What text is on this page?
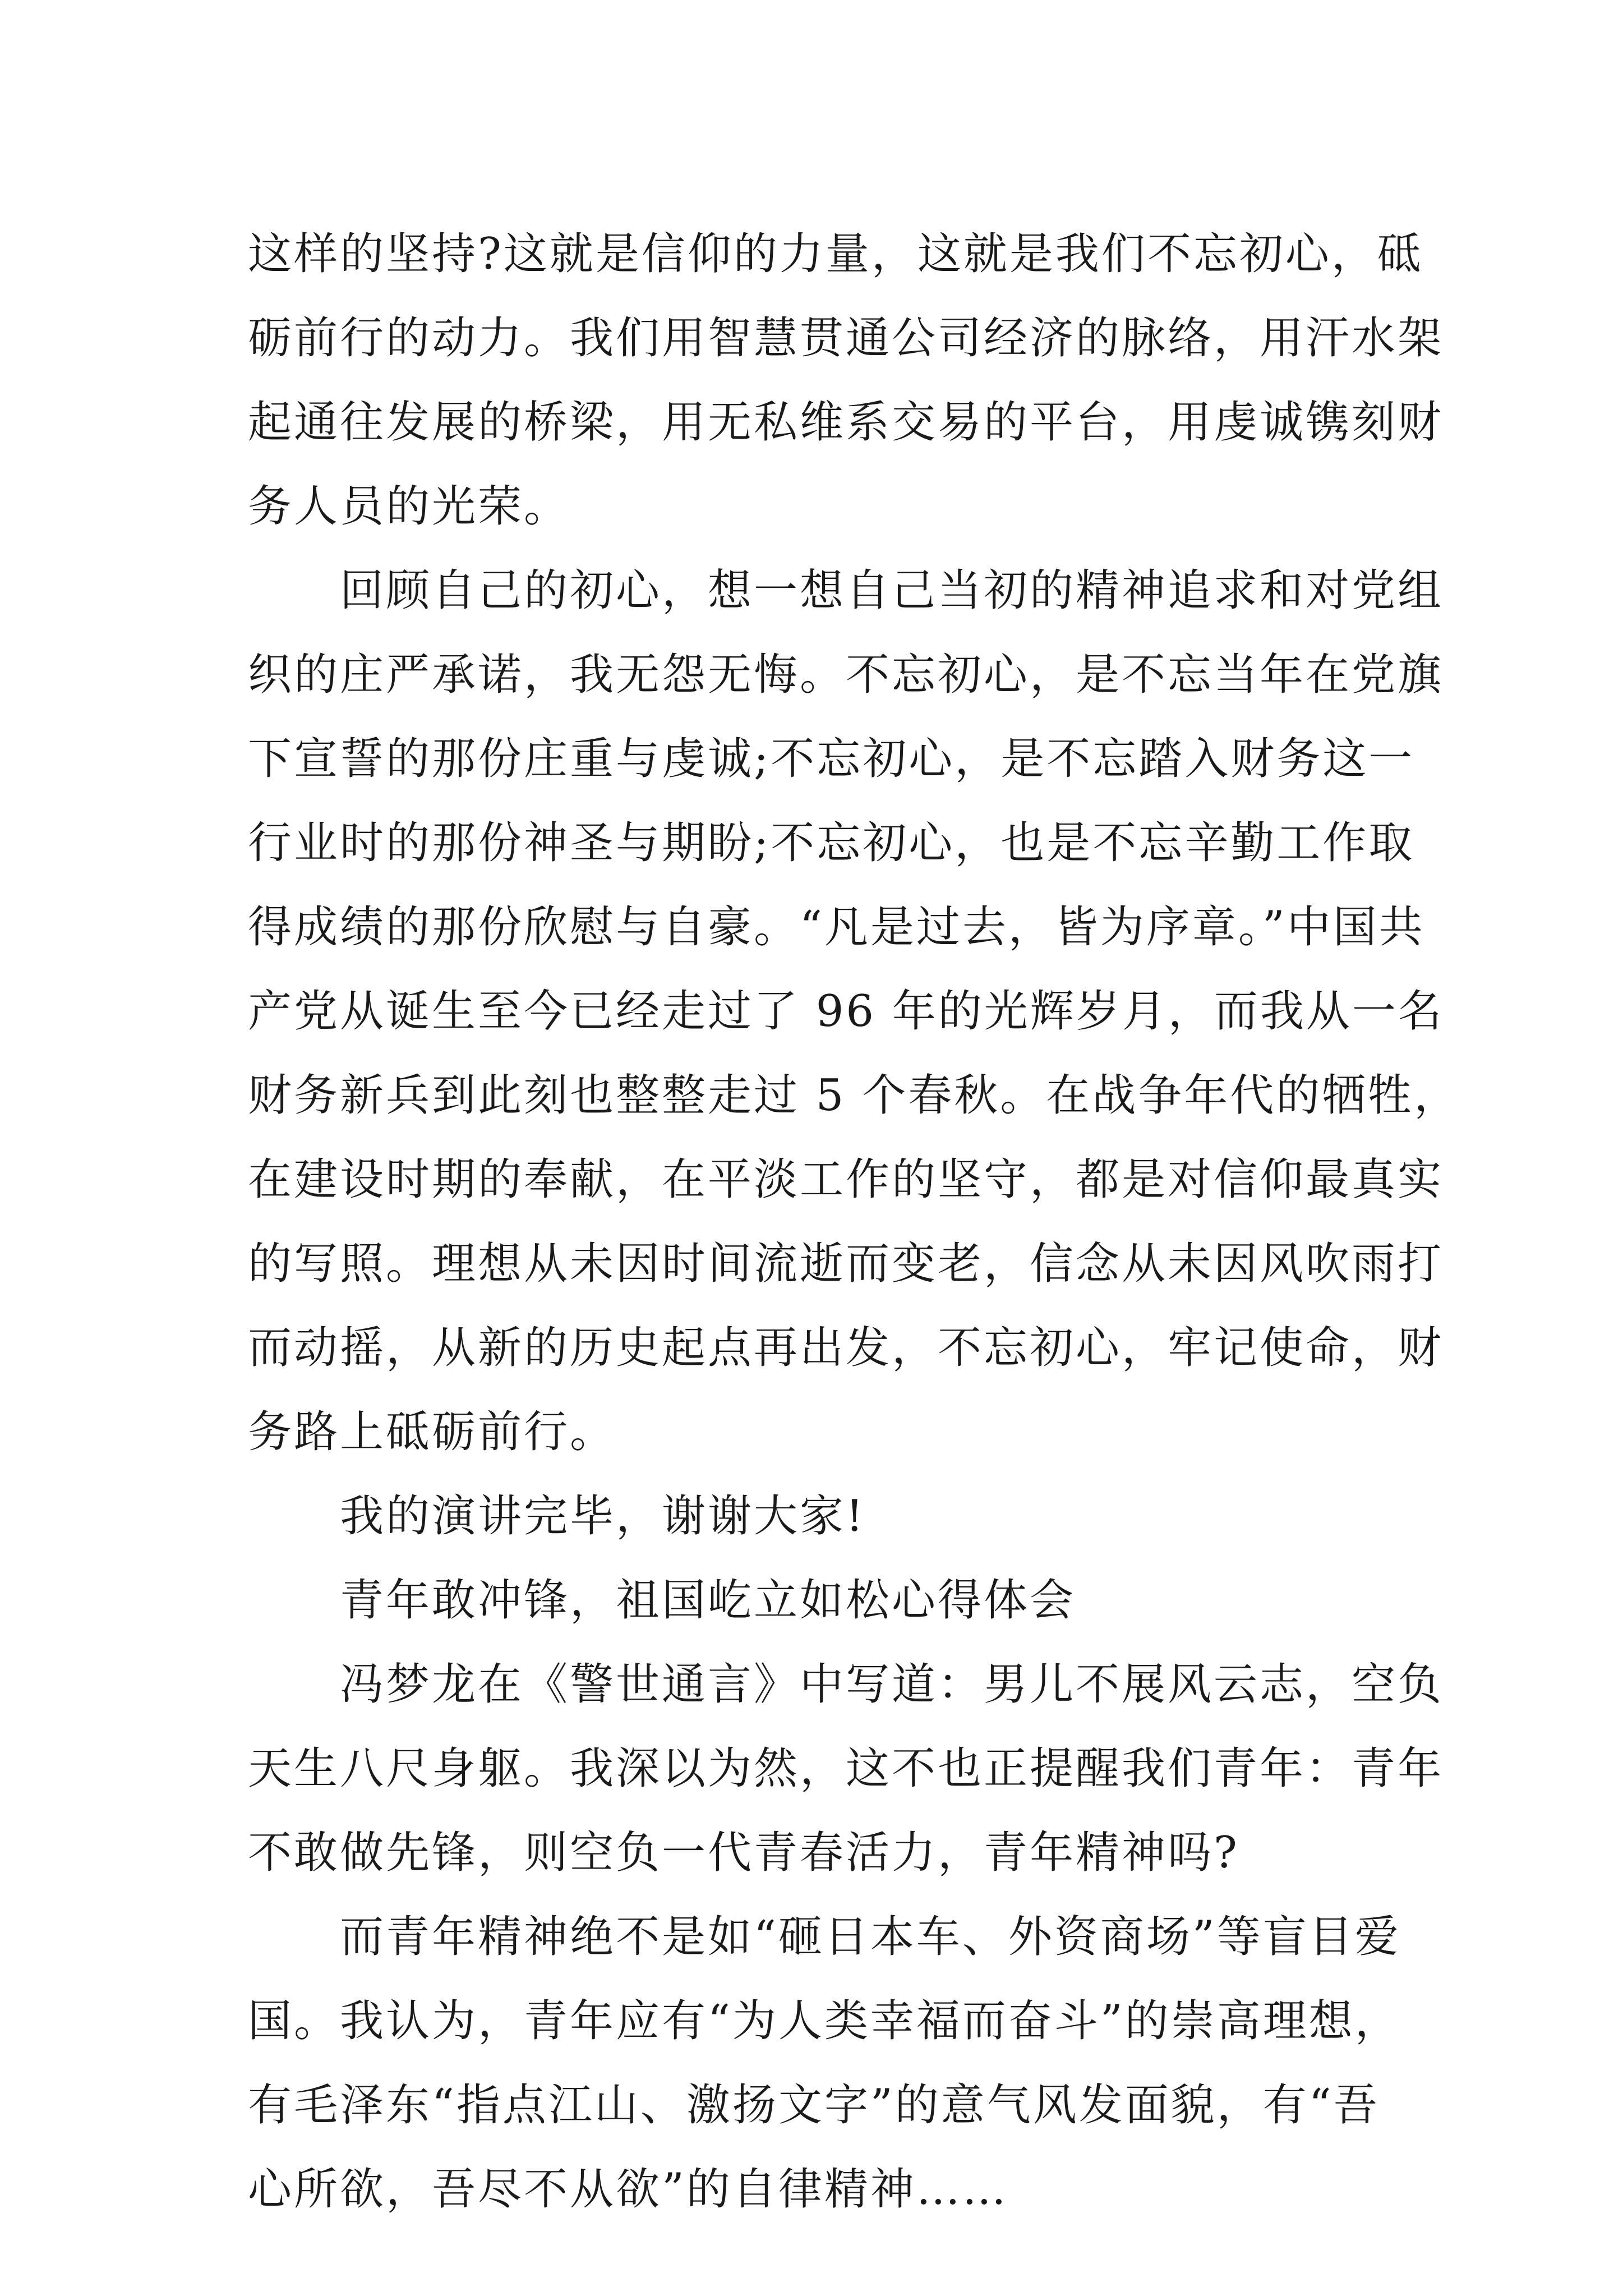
这样的坚持?这就是信仰的力量，这就是我们不忘初心，砥
砺前行的动力。我们用智慧贯通公司经济的脉络，用汗水架
起通往发展的桥梁，用无私维系交易的平台，用虔诚镌刻财
务人员的光荣。
　　回顾自己的初心，想一想自己当初的精神追求和对党组
织的庄严承诺，我无怨无悔。不忘初心，是不忘当年在党旗
下宣誓的那份庄重与虔诚;不忘初心，是不忘踏入财务这一
行业时的那份神圣与期盼;不忘初心，也是不忘辛勤工作取
得成绩的那份欣慰与自豪。“凡是过去，皆为序章。”中国共
产党从诞生至今已经走过了 96 年的光辉岁月，而我从一名
财务新兵到此刻也整整走过 5 个春秋。在战争年代的牺牲，
在建设时期的奉献，在平淡工作的坚守，都是对信仰最真实
的写照。理想从未因时间流逝而变老，信念从未因风吹雨打
而动摇，从新的历史起点再出发，不忘初心，牢记使命，财
务路上砥砺前行。
　　我的演讲完毕，谢谢大家!
　　青年敢冲锋，祖国屹立如松心得体会
　　冯梦龙在《警世通言》中写道：男儿不展风云志，空负
天生八尺身躯。我深以为然，这不也正提醒我们青年：青年
不敢做先锋，则空负一代青春活力，青年精神吗?
　　而青年精神绝不是如“砸日本车、外资商场”等盲目爱
国。我认为，青年应有“为人类幸福而奋斗”的崇高理想，
有毛泽东“指点江山、激扬文字”的意气风发面貌，有“吾
心所欲，吾尽不从欲”的自律精神……
